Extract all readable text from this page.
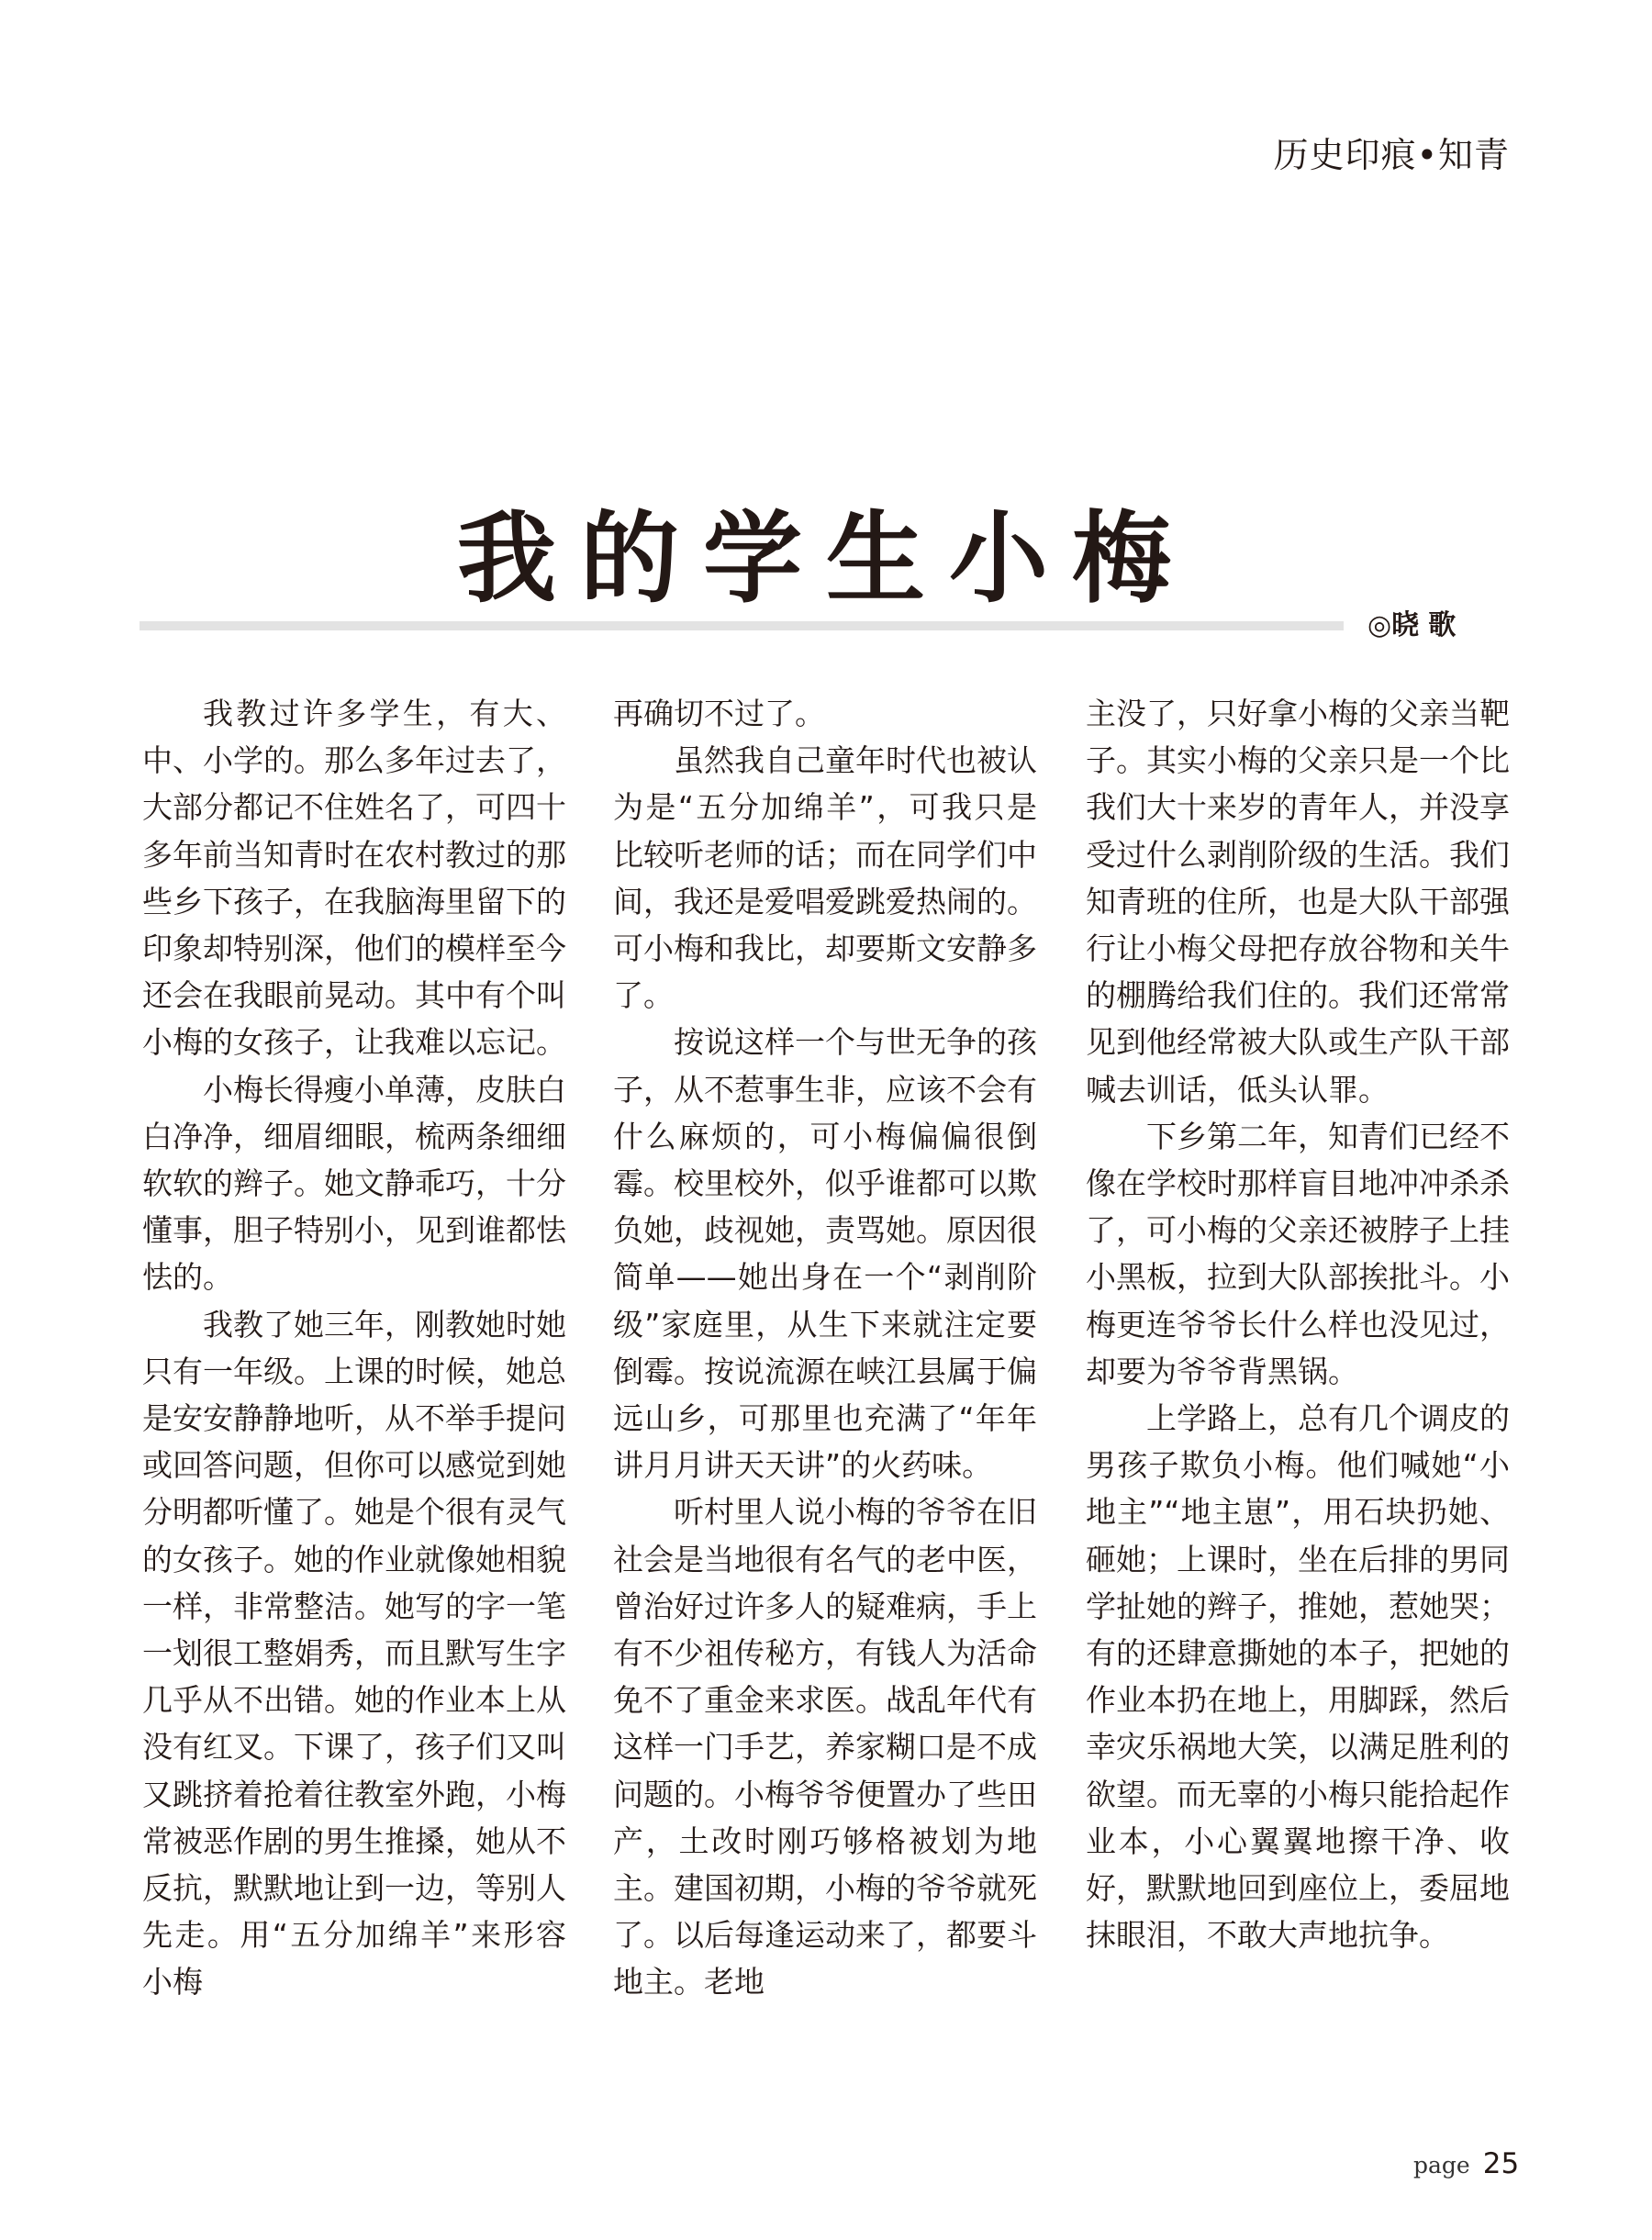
历史印痕•知青
我的学生小梅
◎晓 歌

我教过许多学生，有大、中、小学的。那么多年过去了，大部分都记不住姓名了，可四十多年前当知青时在农村教过的那些乡下孩子，在我脑海里留下的印象却特别深，他们的模样至今还会在我眼前晃动。其中有个叫小梅的女孩子，让我难以忘记。

小梅长得瘦小单薄，皮肤白白净净，细眉细眼，梳两条细细软软的辫子。她文静乖巧，十分懂事，胆子特别小，见到谁都怯怯的。

我教了她三年，刚教她时她只有一年级。上课的时候，她总是安安静静地听，从不举手提问或回答问题，但你可以感觉到她分明都听懂了。她是个很有灵气的女孩子。她的作业就像她相貌一样，非常整洁。她写的字一笔一划很工整娟秀，而且默写生字几乎从不出错。她的作业本上从没有红叉。下课了，孩子们又叫又跳挤着抢着往教室外跑，小梅常被恶作剧的男生推搡，她从不反抗，默默地让到一边，等别人先走。用“五分加绵羊”来形容小梅

再确切不过了。

虽然我自己童年时代也被认为是“五分加绵羊”，可我只是比较听老师的话；而在同学们中间，我还是爱唱爱跳爱热闹的。可小梅和我比，却要斯文安静多了。

按说这样一个与世无争的孩子，从不惹事生非，应该不会有什么麻烦的，可小梅偏偏很倒霉。校里校外，似乎谁都可以欺负她，歧视她，责骂她。原因很简单——她出身在一个“剥削阶级”家庭里，从生下来就注定要倒霉。按说流源在峡江县属于偏远山乡，可那里也充满了“年年讲月月讲天天讲”的火药味。

听村里人说小梅的爷爷在旧社会是当地很有名气的老中医，曾治好过许多人的疑难病，手上有不少祖传秘方，有钱人为活命免不了重金来求医。战乱年代有这样一门手艺，养家糊口是不成问题的。小梅爷爷便置办了些田产，土改时刚巧够格被划为地主。建国初期，小梅的爷爷就死了。以后每逢运动来了，都要斗地主。老地

主没了，只好拿小梅的父亲当靶子。其实小梅的父亲只是一个比我们大十来岁的青年人，并没享受过什么剥削阶级的生活。我们知青班的住所，也是大队干部强行让小梅父母把存放谷物和关牛的棚腾给我们住的。我们还常常见到他经常被大队或生产队干部喊去训话，低头认罪。

下乡第二年，知青们已经不像在学校时那样盲目地冲冲杀杀了，可小梅的父亲还被脖子上挂小黑板，拉到大队部挨批斗。小梅更连爷爷长什么样也没见过，却要为爷爷背黑锅。

上学路上，总有几个调皮的男孩子欺负小梅。他们喊她“小地主”“地主崽”，用石块扔她、砸她；上课时，坐在后排的男同学扯她的辫子，推她，惹她哭；有的还肆意撕她的本子，把她的作业本扔在地上，用脚踩，然后幸灾乐祸地大笑，以满足胜利的欲望。而无辜的小梅只能拾起作业本，小心翼翼地擦干净、收好，默默地回到座位上，委屈地抹眼泪，不敢大声地抗争。

page 25
